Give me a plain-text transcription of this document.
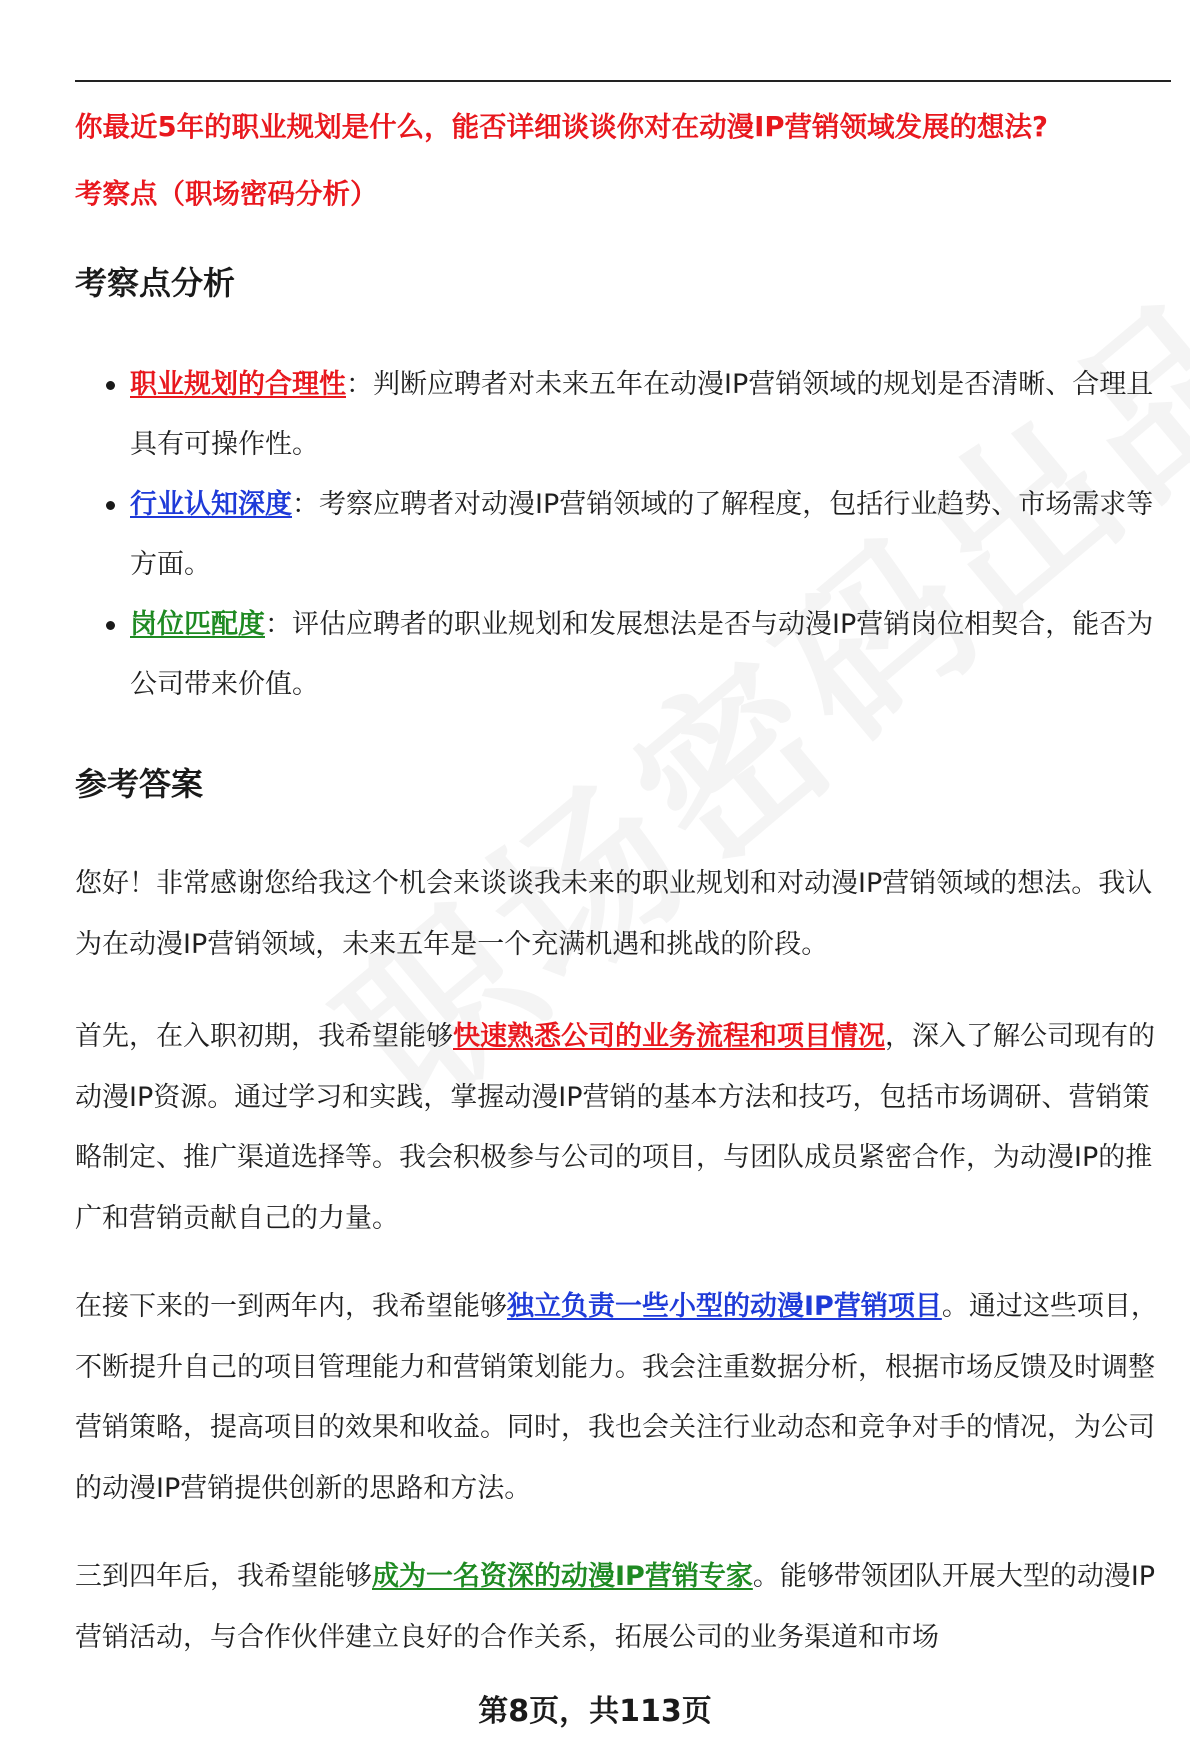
你最近5年的职业规划是什么，能否详细谈谈你对在动漫IP营销领域发展的想法?
考察点（职场密码分析）
考察点分析
职业规划的合理性：判断应聘者对未来五年在动漫IP营销领域的规划是否清晰、合理且具有可操作性。
行业认知深度：考察应聘者对动漫IP营销领域的了解程度，包括行业趋势、市场需求等方面。
岗位匹配度：评估应聘者的职业规划和发展想法是否与动漫IP营销岗位相契合，能否为公司带来价值。
参考答案

您好！非常感谢您给我这个机会来谈谈我未来的职业规划和对动漫IP营销领域的想法。我认为在动漫IP营销领域，未来五年是一个充满机遇和挑战的阶段。

首先，在入职初期，我希望能够快速熟悉公司的业务流程和项目情况，深入了解公司现有的动漫IP资源。通过学习和实践，掌握动漫IP营销的基本方法和技巧，包括市场调研、营销策略制定、推广渠道选择等。我会积极参与公司的项目，与团队成员紧密合作，为动漫IP的推广和营销贡献自己的力量。

在接下来的一到两年内，我希望能够独立负责一些小型的动漫IP营销项目。通过这些项目，不断提升自己的项目管理能力和营销策划能力。我会注重数据分析，根据市场反馈及时调整营销策略，提高项目的效果和收益。同时，我也会关注行业动态和竞争对手的情况，为公司的动漫IP营销提供创新的思路和方法。

三到四年后，我希望能够成为一名资深的动漫IP营销专家。能够带领团队开展大型的动漫IP营销活动，与合作伙伴建立良好的合作关系，拓展公司的业务渠道和市场

第8页，共113页
